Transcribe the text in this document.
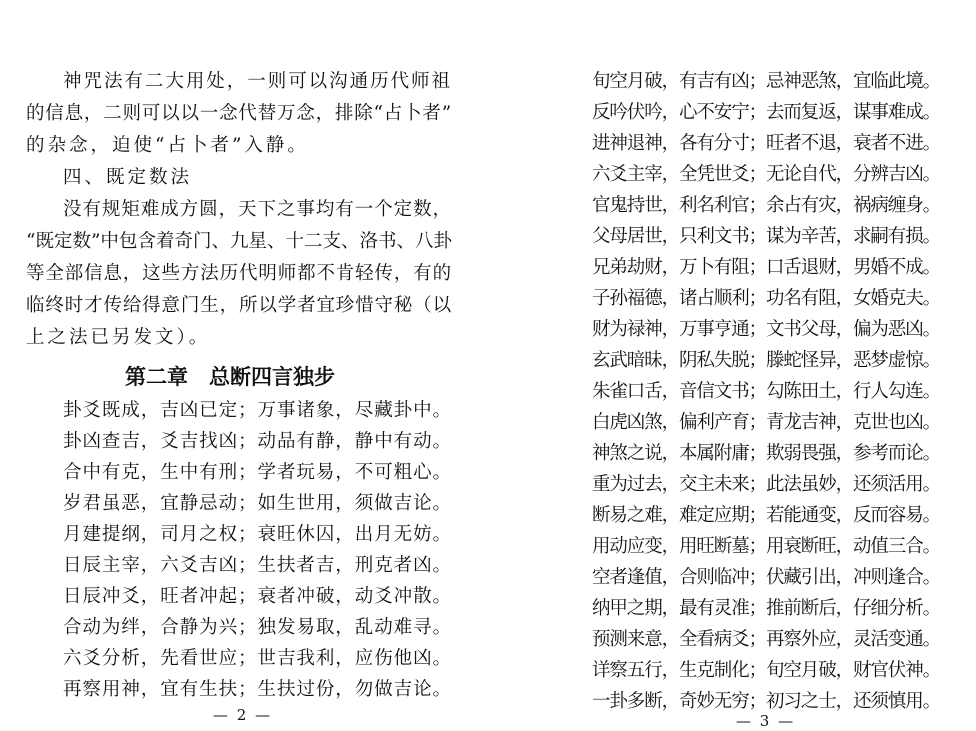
神咒法有二大用处，一则可以沟通历代师祖
的信息，二则可以以一念代替万念，排除“占卜者”
的杂念，迫使“占卜者”入静。
四、既定数法
没有规矩难成方圆，天下之事均有一个定数，
“既定数”中包含着奇门、九星、十二支、洛书、八卦
等全部信息，这些方法历代明师都不肯轻传，有的
临终时才传给得意门生，所以学者宜珍惜守秘（以
上之法已另发文）。
第二章　总断四言独步
卦爻既成，吉凶已定；万事诸象，尽藏卦中。
卦凶查吉，爻吉找凶；动品有静，静中有动。
合中有克，生中有刑；学者玩易，不可粗心。
岁君虽恶，宜静忌动；如生世用，须做吉论。
月建提纲，司月之权；衰旺休囚，出月无妨。
日辰主宰，六爻吉凶；生扶者吉，刑克者凶。
日辰冲爻，旺者冲起；衰者冲破，动爻冲散。
合动为绊，合静为兴；独发易取，乱动难寻。
六爻分析，先看世应；世吉我利，应伤他凶。
再察用神，宜有生扶；生扶过份，勿做吉论。
— 2 —
旬空月破，有吉有凶；忌神恶煞，宜临此境。
反吟伏吟，心不安宁；去而复返，谋事难成。
进神退神，各有分寸；旺者不退，衰者不进。
六爻主宰，全凭世爻；无论自代，分辨吉凶。
官鬼持世，利名利官；余占有灾，祸病缠身。
父母居世，只利文书；谋为辛苦，求嗣有损。
兄弟劫财，万卜有阻；口舌退财，男婚不成。
子孙福德，诸占顺利；功名有阻，女婚克夫。
财为禄神，万事亨通；文书父母，偏为恶凶。
玄武暗昧，阴私失脱；滕蛇怪异，恶梦虚惊。
朱雀口舌，音信文书；勾陈田土，行人勾连。
白虎凶煞，偏利产育；青龙吉神，克世也凶。
神煞之说，本属附庸；欺弱畏强，参考而论。
重为过去，交主未来；此法虽妙，还须活用。
断易之难，难定应期；若能通变，反而容易。
用动应变，用旺断墓；用衰断旺，动值三合。
空者逢值，合则临冲；伏藏引出，冲则逢合。
纳甲之期，最有灵准；推前断后，仔细分析。
预测来意，全看病爻；再察外应，灵活变通。
详察五行，生克制化；旬空月破，财官伏神。
一卦多断，奇妙无穷；初习之士，还须慎用。
— 3 —
